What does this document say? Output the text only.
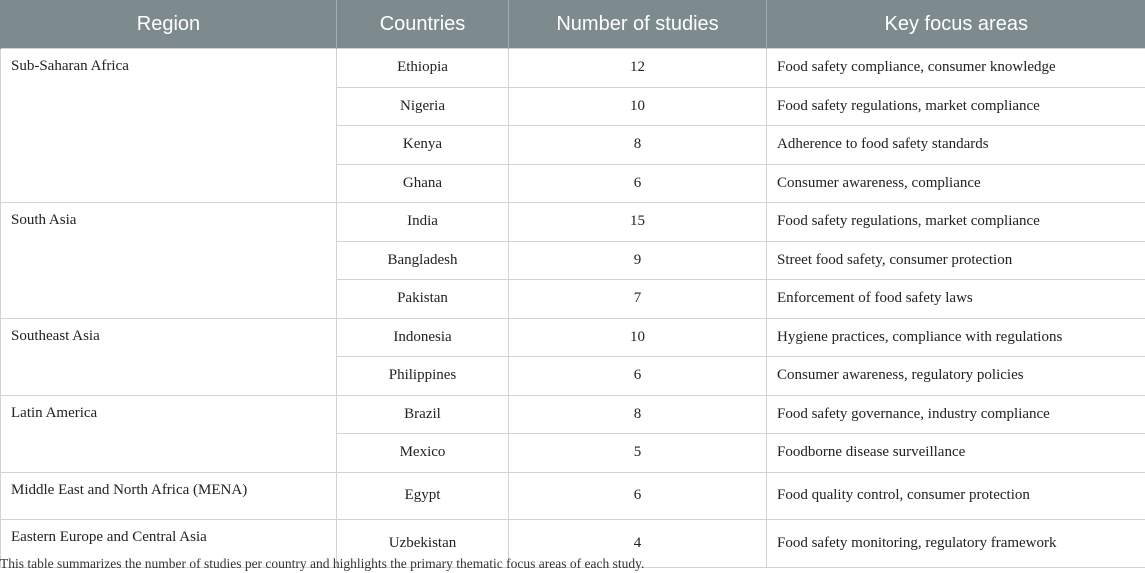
Region	Countries	Number of studies	Key focus areas
Sub-Saharan Africa	Ethiopia	12	Food safety compliance, consumer knowledge
	Nigeria	10	Food safety regulations, market compliance
	Kenya	8	Adherence to food safety standards
	Ghana	6	Consumer awareness, compliance
South Asia	India	15	Food safety regulations, market compliance
	Bangladesh	9	Street food safety, consumer protection
	Pakistan	7	Enforcement of food safety laws
Southeast Asia	Indonesia	10	Hygiene practices, compliance with regulations
	Philippines	6	Consumer awareness, regulatory policies
Latin America	Brazil	8	Food safety governance, industry compliance
	Mexico	5	Foodborne disease surveillance
Middle East and North Africa (MENA)	Egypt	6	Food quality control, consumer protection
Eastern Europe and Central Asia	Uzbekistan	4	Food safety monitoring, regulatory framework
This table summarizes the number of studies per country and highlights the primary thematic focus areas of each study.
